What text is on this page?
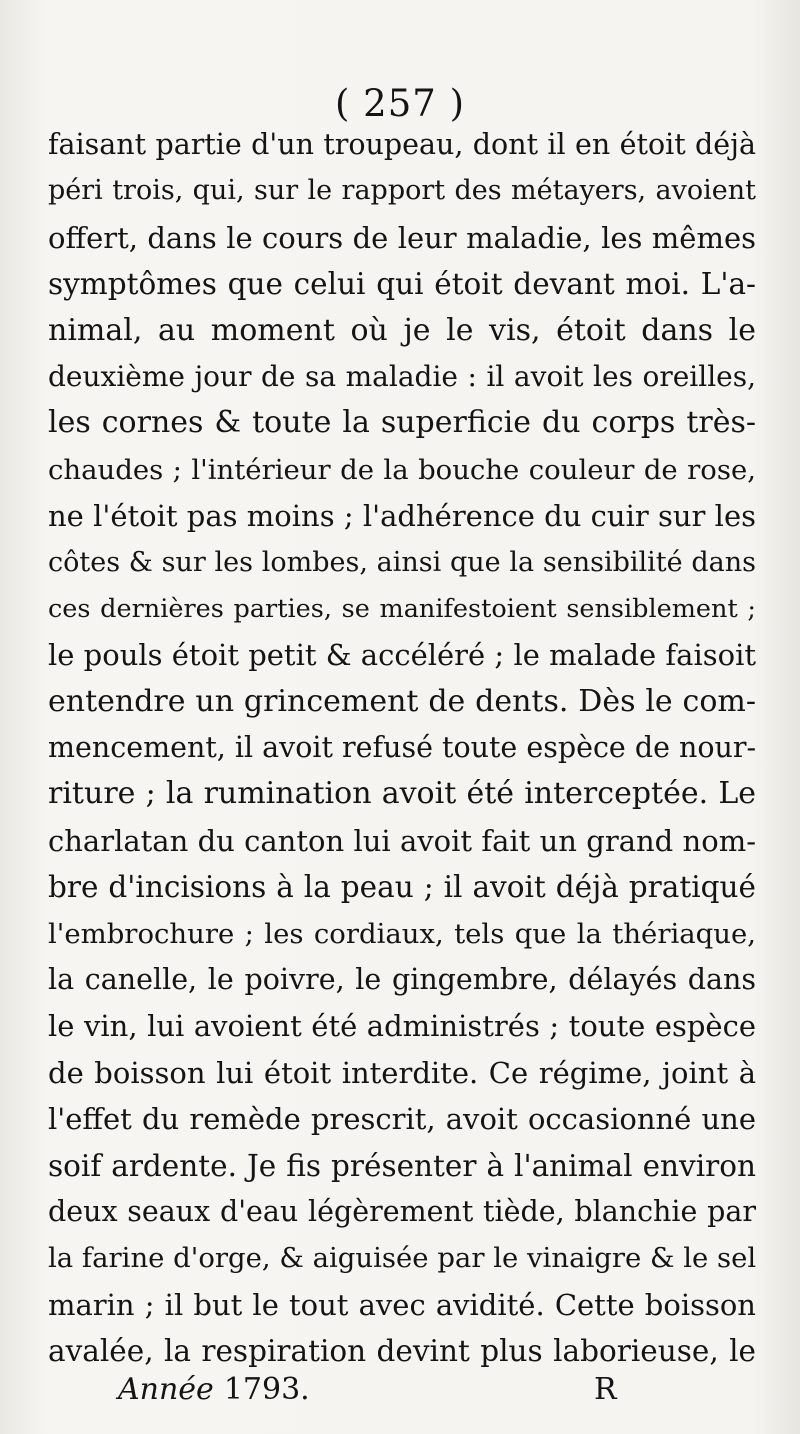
( 257 )
faisant partie d'un troupeau, dont il en étoit déjà
péri trois, qui, sur le rapport des métayers, avoient
offert, dans le cours de leur maladie, les mêmes
symptômes que celui qui étoit devant moi. L'a-
nimal, au moment où je le vis, étoit dans le
deuxième jour de sa maladie : il avoit les oreilles,
les cornes & toute la superficie du corps très-
chaudes ; l'intérieur de la bouche couleur de rose,
ne l'étoit pas moins ; l'adhérence du cuir sur les
côtes & sur les lombes, ainsi que la sensibilité dans
ces dernières parties, se manifestoient sensiblement ;
le pouls étoit petit & accéléré ; le malade faisoit
entendre un grincement de dents. Dès le com-
mencement, il avoit refusé toute espèce de nour-
riture ; la rumination avoit été interceptée. Le
charlatan du canton lui avoit fait un grand nom-
bre d'incisions à la peau ; il avoit déjà pratiqué
l'embrochure ; les cordiaux, tels que la thériaque,
la canelle, le poivre, le gingembre, délayés dans
le vin, lui avoient été administrés ; toute espèce
de boisson lui étoit interdite. Ce régime, joint à
l'effet du remède prescrit, avoit occasionné une
soif ardente. Je fis présenter à l'animal environ
deux seaux d'eau légèrement tiède, blanchie par
la farine d'orge, & aiguisée par le vinaigre & le sel
marin ; il but le tout avec avidité. Cette boisson
avalée, la respiration devint plus laborieuse, le
Année 1793.	R
